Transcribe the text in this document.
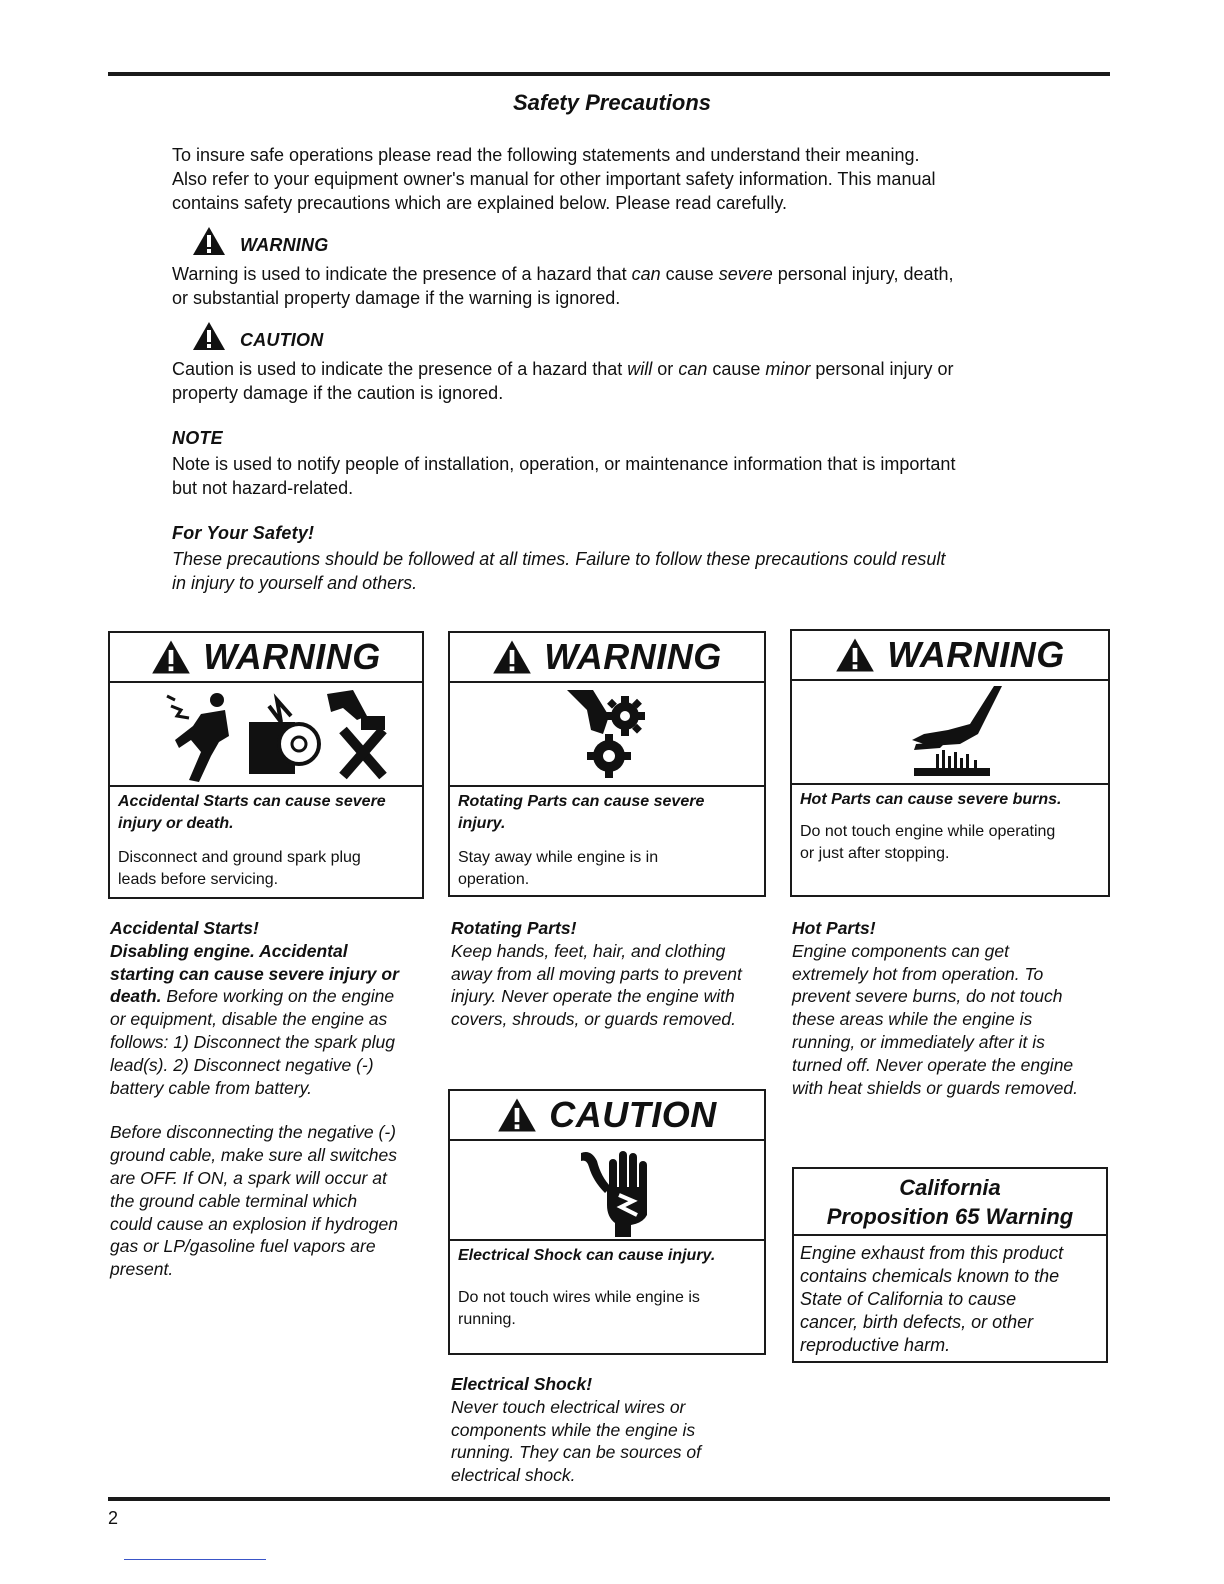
Safety Precautions
To insure safe operations please read the following statements and understand their meaning.
Also refer to your equipment owner's manual for other important safety information. This manual
contains safety precautions which are explained below. Please read carefully.
WARNING
Warning is used to indicate the presence of a hazard that can cause severe personal injury, death,
or substantial property damage if the warning is ignored.
CAUTION
Caution is used to indicate the presence of a hazard that will or can cause minor personal injury or
property damage if the caution is ignored.
NOTE
Note is used to notify people of installation, operation, or maintenance information that is important
but not hazard-related.
For Your Safety!
These precautions should be followed at all times. Failure to follow these precautions could result
in injury to yourself and others.
WARNING
Accidental Starts can cause severe
injury or death.
Disconnect and ground spark plug
leads before servicing.
WARNING
Rotating Parts can cause severe
injury.
Stay away while engine is in
operation.
WARNING
Hot Parts can cause severe burns.
Do not touch engine while operating
or just after stopping.
Accidental Starts!
Disabling engine. Accidental
starting can cause severe injury or
death. Before working on the engine
or equipment, disable the engine as
follows: 1) Disconnect the spark plug
lead(s). 2) Disconnect negative (-)
battery cable from battery.
Before disconnecting the negative (-)
ground cable, make sure all switches
are OFF. If ON, a spark will occur at
the ground cable terminal which
could cause an explosion if hydrogen
gas or LP/gasoline fuel vapors are
present.
Rotating Parts!
Keep hands, feet, hair, and clothing
away from all moving parts to prevent
injury. Never operate the engine with
covers, shrouds, or guards removed.
Hot Parts!
Engine components can get
extremely hot from operation. To
prevent severe burns, do not touch
these areas while the engine is
running, or immediately after it is
turned off. Never operate the engine
with heat shields or guards removed.
CAUTION
Electrical Shock can cause injury.
Do not touch wires while engine is
running.
Electrical Shock!
Never touch electrical wires or
components while the engine is
running. They can be sources of
electrical shock.
California
Proposition 65 Warning
Engine exhaust from this product
contains chemicals known to the
State of California to cause
cancer, birth defects, or other
reproductive harm.
2
